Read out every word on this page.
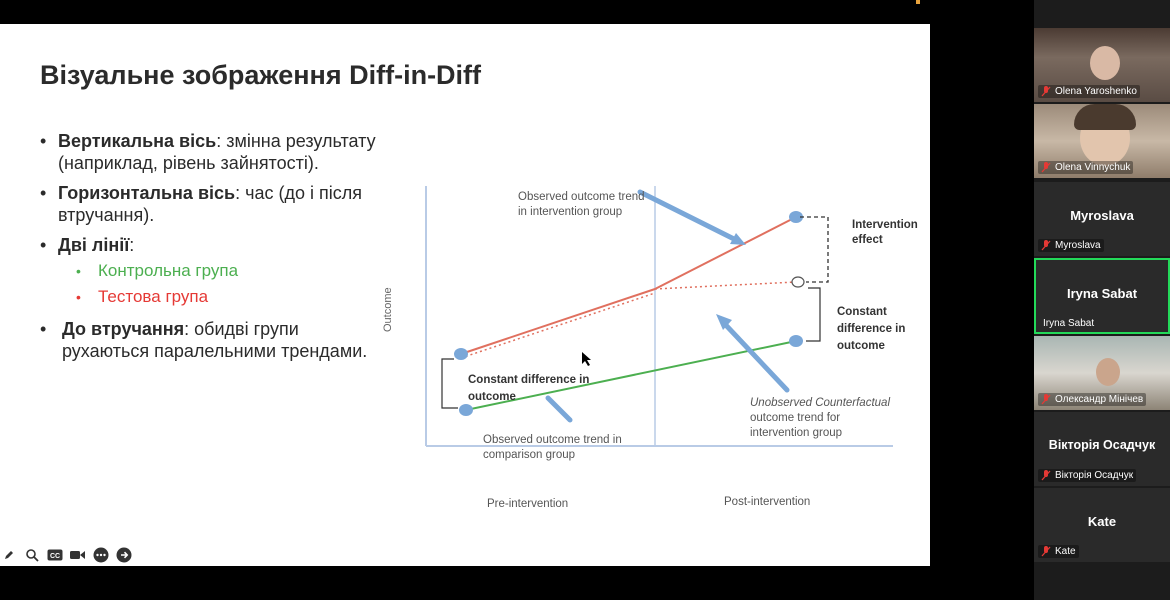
Візуальне зображення Diff-in-Diff
• Вертикальна вісь: змінна результату (наприклад, рівень зайнятості).
• Горизонтальна вісь: час (до і після втручання).
• Дві лінії:
• Контрольна група
• Тестова група
• До втручання: обидві групи рухаються паралельними трендами.
Observed outcome trend in intervention group
Intervention effect
Constant difference in outcome
Constant difference in outcome
Observed outcome trend in comparison group
Unobserved Counterfactual
outcome trend for intervention group
Outcome
Pre-intervention	Post-intervention
CC
Olena Yaroshenko
Olena Vinnychuk
Myroslava
Myroslava
Iryna Sabat
Iryna Sabat
Олександр Мінічев
Вікторія Осадчук
Вікторія Осадчук
Kate
Kate
